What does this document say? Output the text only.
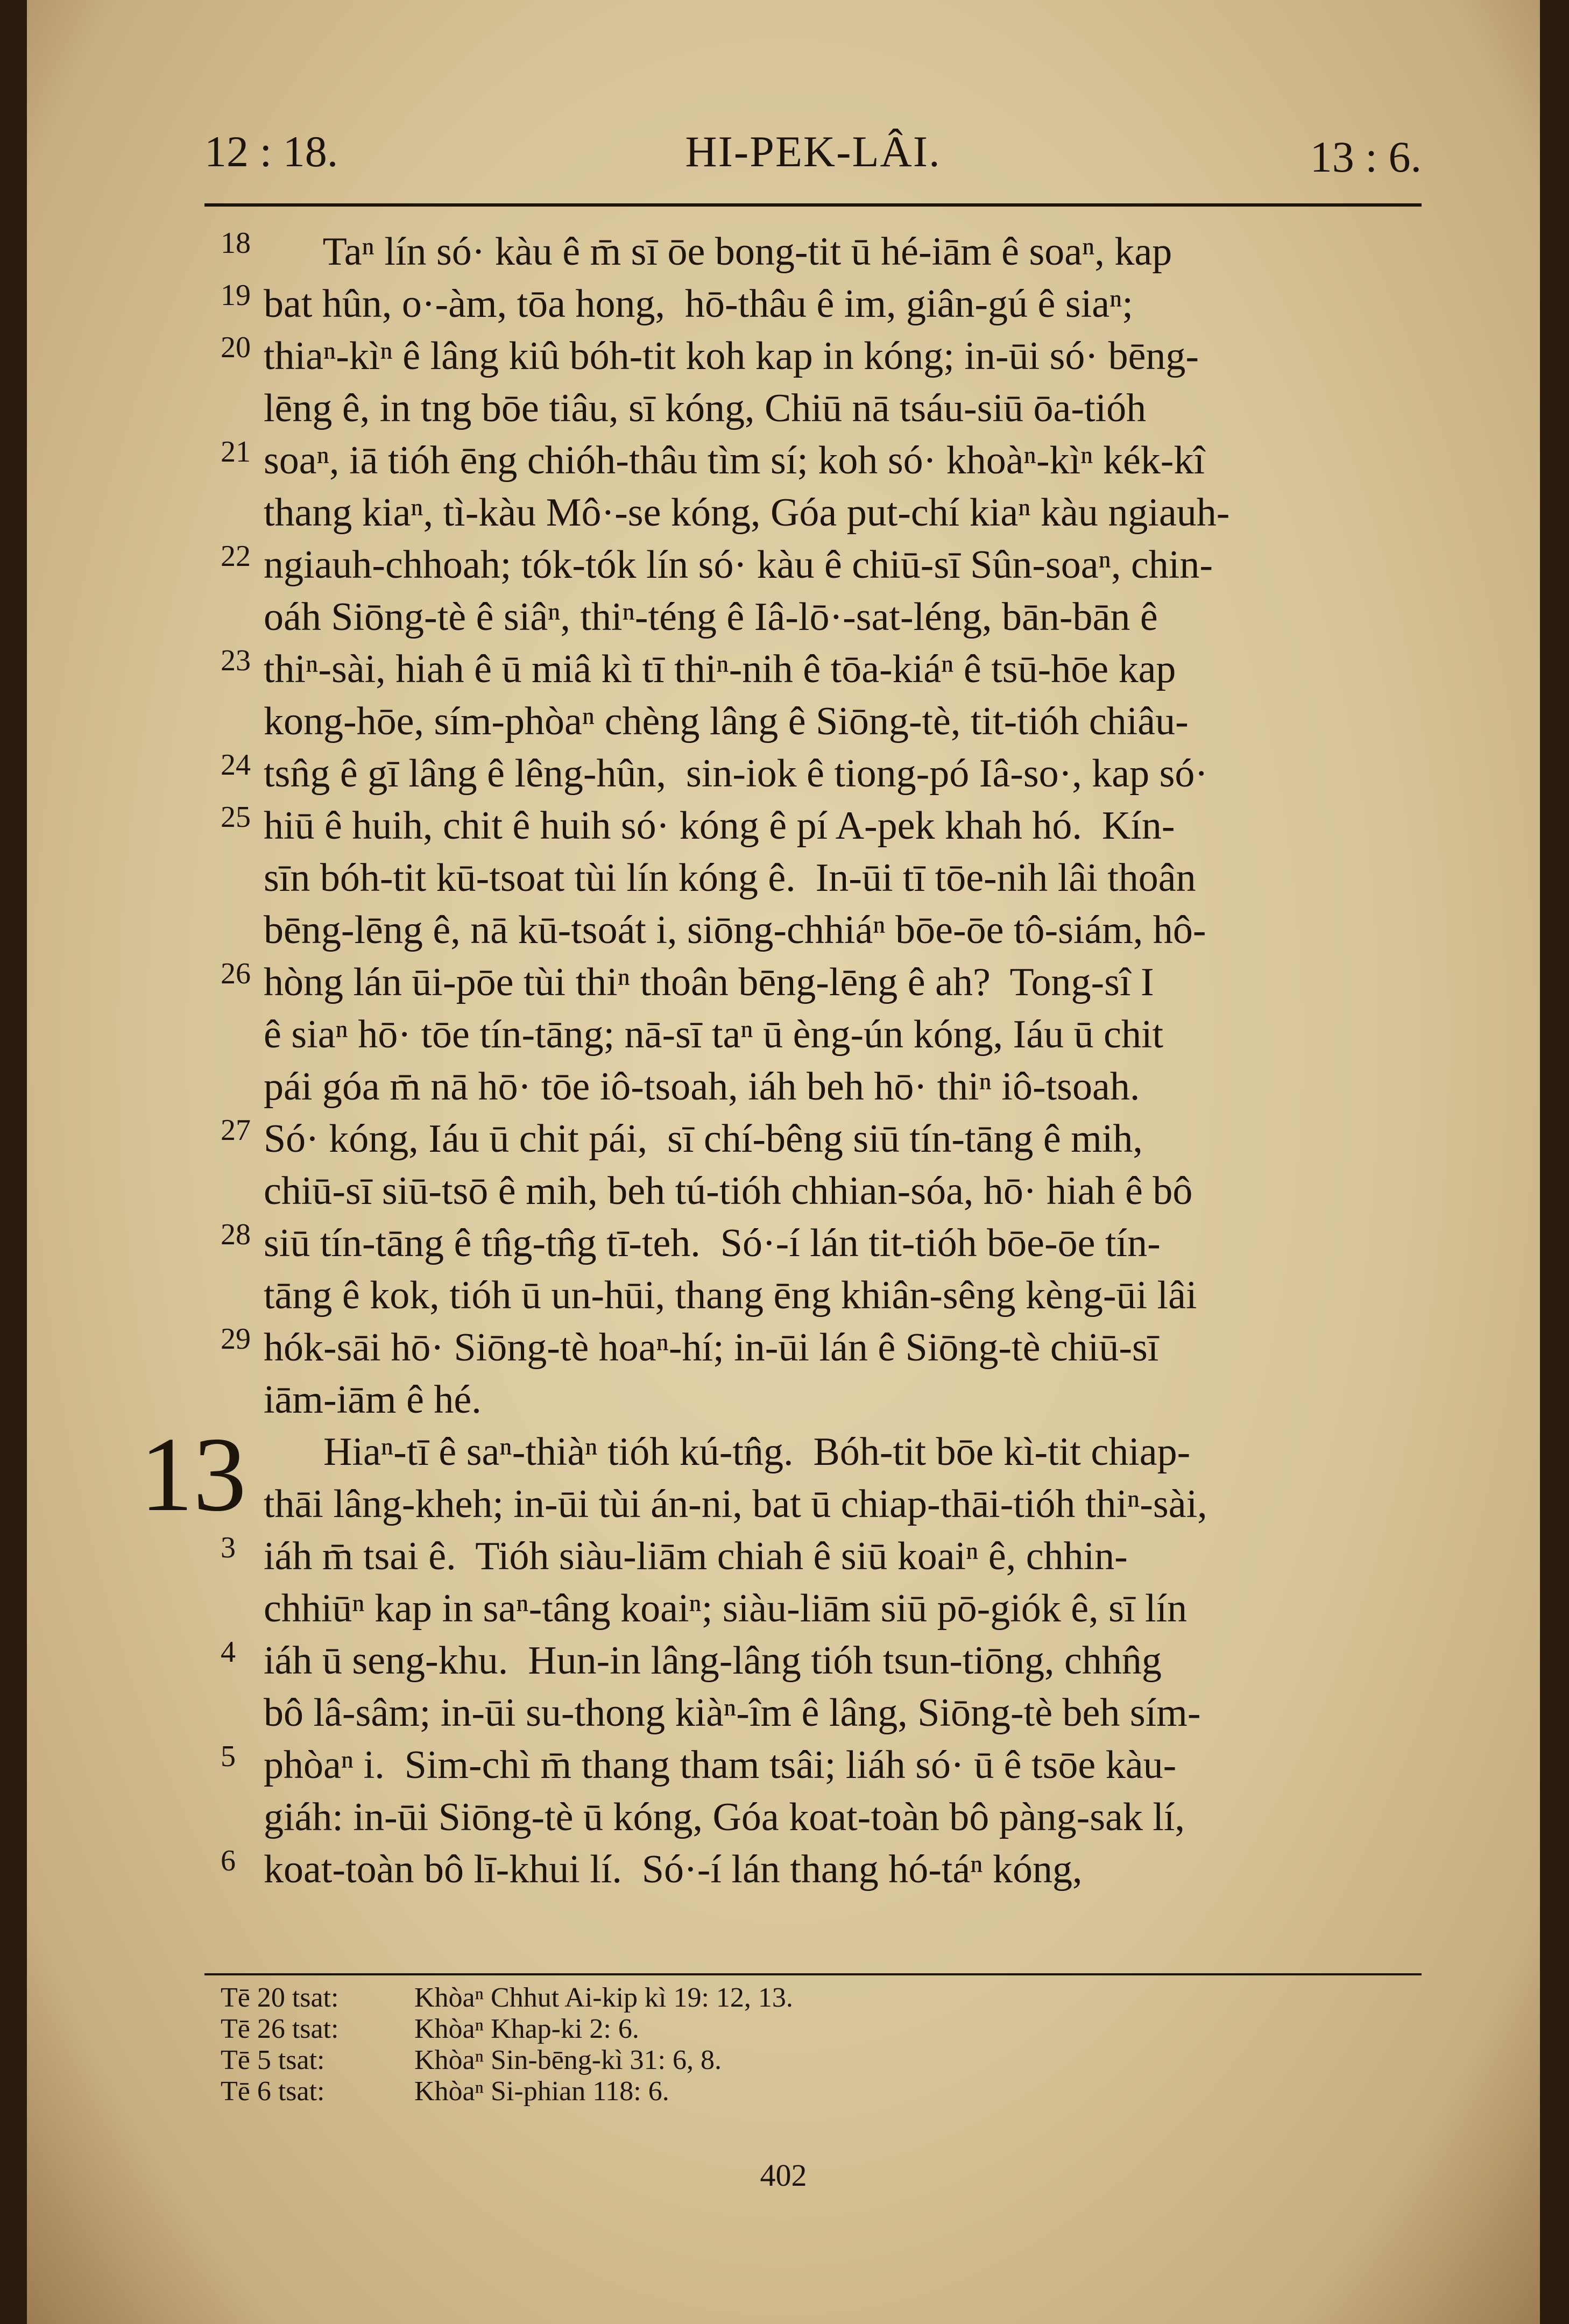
12 : 18.	HI-PEK-LÂI.	13 : 6.
18 Taⁿ lín só· kàu ê m̄ sī ōe bong-tit ū hé-iām ê soaⁿ, kap
19 bat hûn, o·-àm, tōa hong,  hō-thâu ê im, giân-gú ê siaⁿ;
20 thiaⁿ-kìⁿ ê lâng kiû bóh-tit koh kap in kóng; in-ūi só· bēng-
lēng ê, in tng bōe tiâu, sī kóng, Chiū nā tsáu-siū ōa-tióh
21 soaⁿ, iā tióh ēng chióh-thâu tìm sí; koh só· khoàⁿ-kìⁿ kék-kî
thang kiaⁿ, tì-kàu Mô·-se kóng, Góa put-chí kiaⁿ kàu ngiauh-
22 ngiauh-chhoah; tók-tók lín só· kàu ê chiū-sī Sûn-soaⁿ, chin-
oáh Siōng-tè ê siâⁿ, thiⁿ-téng ê Iâ-lō·-sat-léng, bān-bān ê
23 thiⁿ-sài, hiah ê ū miâ kì tī thiⁿ-nih ê tōa-kiáⁿ ê tsū-hōe kap
kong-hōe, sím-phòaⁿ chèng lâng ê Siōng-tè, tit-tióh chiâu-
24 tsn̂g ê gī lâng ê lêng-hûn,  sin-iok ê tiong-pó Iâ-so·, kap só·
25 hiū ê huih, chit ê huih só· kóng ê pí A-pek khah hó.  Kín-
sīn bóh-tit kū-tsoat tùi lín kóng ê.  In-ūi tī tōe-nih lâi thoân
bēng-lēng ê, nā kū-tsoát i, siōng-chhiáⁿ bōe-ōe tô-siám, hô-
26 hòng lán ūi-pōe tùi thiⁿ thoân bēng-lēng ê ah?  Tong-sî I
ê siaⁿ hō· tōe tín-tāng; nā-sī taⁿ ū èng-ún kóng, Iáu ū chit
pái góa m̄ nā hō· tōe iô-tsoah, iáh beh hō· thiⁿ iô-tsoah.
27 Só· kóng, Iáu ū chit pái,  sī chí-bêng siū tín-tāng ê mih,
chiū-sī siū-tsō ê mih, beh tú-tióh chhian-sóa, hō· hiah ê bô
28 siū tín-tāng ê tn̂g-tn̂g tī-teh.  Só·-í lán tit-tióh bōe-ōe tín-
tāng ê kok, tióh ū un-hūi, thang ēng khiân-sêng kèng-ūi lâi
29 hók-sāi hō· Siōng-tè hoaⁿ-hí; in-ūi lán ê Siōng-tè chiū-sī
iām-iām ê hé.
13 Hiaⁿ-tī ê saⁿ-thiàⁿ tióh kú-tn̂g.  Bóh-tit bōe kì-tit chiap-
thāi lâng-kheh; in-ūi tùi án-ni, bat ū chiap-thāi-tióh thiⁿ-sài,
3 iáh m̄ tsai ê.  Tióh siàu-liām chiah ê siū koaiⁿ ê, chhin-
chhiūⁿ kap in saⁿ-tâng koaiⁿ; siàu-liām siū pō-giók ê, sī lín
4 iáh ū seng-khu.  Hun-in lâng-lâng tióh tsun-tiōng, chhn̂g
bô lâ-sâm; in-ūi su-thong kiàⁿ-îm ê lâng, Siōng-tè beh sím-
5 phòaⁿ i.  Sim-chì m̄ thang tham tsâi; liáh só· ū ê tsōe kàu-
giáh: in-ūi Siōng-tè ū kóng, Góa koat-toàn bô pàng-sak lí,
6 koat-toàn bô lī-khui lí.  Só·-í lán thang hó-táⁿ kóng,
Tē 20 tsat:	Khòaⁿ Chhut Ai-kip kì 19: 12, 13.
Tē 26 tsat:	Khòaⁿ Khap-ki 2: 6.
Tē 5 tsat:	Khòaⁿ Sin-bēng-kì 31: 6, 8.
Tē 6 tsat:	Khòaⁿ Si-phian 118: 6.
402
